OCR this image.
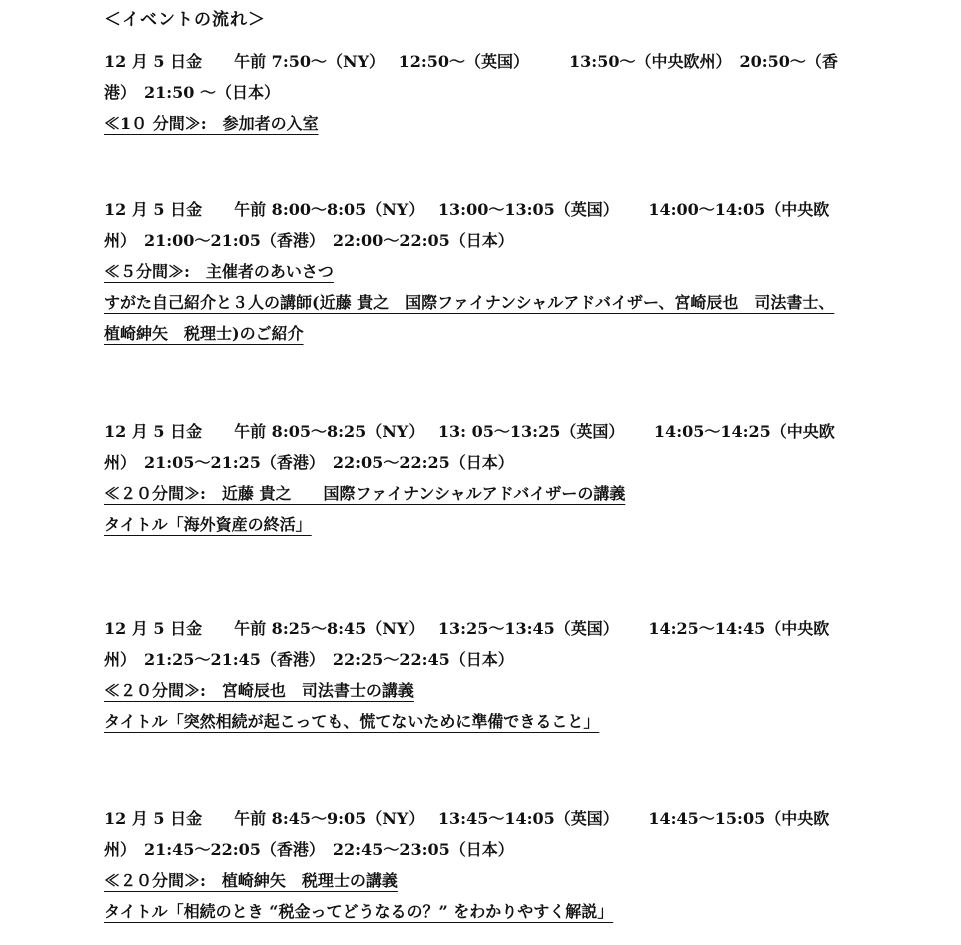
＜イベントの流れ＞

12 月 5 日金　　午前 7:50～（NY）　 12:50～（英国）　　　13:50～（中央欧州）　20:50～（香港）　21:50 ～（日本）

≪1０ 分間≫:　参加者の入室

12 月 5 日金　　午前 8:00～8:05（NY）　 13:00～13:05（英国）　　 14:00～14:05（中央欧州）　21:00～21:05（香港）　22:00～22:05（日本）

≪５分間≫:　主催者のあいさつ

すがた自己紹介と３人の講師(近藤 貴之　国際ファイナンシャルアドバイザー、宮崎辰也　司法書士、植崎紳矢　税理士)のご紹介

12 月 5 日金　　午前 8:05～8:25（NY）　 13: 05～13:25（英国）　　 14:05～14:25（中央欧州）　21:05～21:25（香港）　22:05～22:25（日本）

≪２０分間≫:　近藤 貴之　　国際ファイナンシャルアドバイザーの講義

タイトル「海外資産の終活」

12 月 5 日金　　午前 8:25～8:45（NY）　 13:25～13:45（英国）　　 14:25～14:45（中央欧州）　21:25～21:45（香港）　22:25～22:45（日本）

≪２０分間≫:　宮崎辰也　司法書士の講義

タイトル「突然相続が起こっても、慌てないために準備できること」

12 月 5 日金　　午前 8:45～9:05（NY）　 13:45～14:05（英国）　　 14:45～15:05（中央欧州）　21:45～22:05（香港）　22:45～23:05（日本）

≪２０分間≫:　植崎紳矢　税理士の講義

タイトル「相続のとき “税金ってどうなるの？” をわかりやすく解説」
